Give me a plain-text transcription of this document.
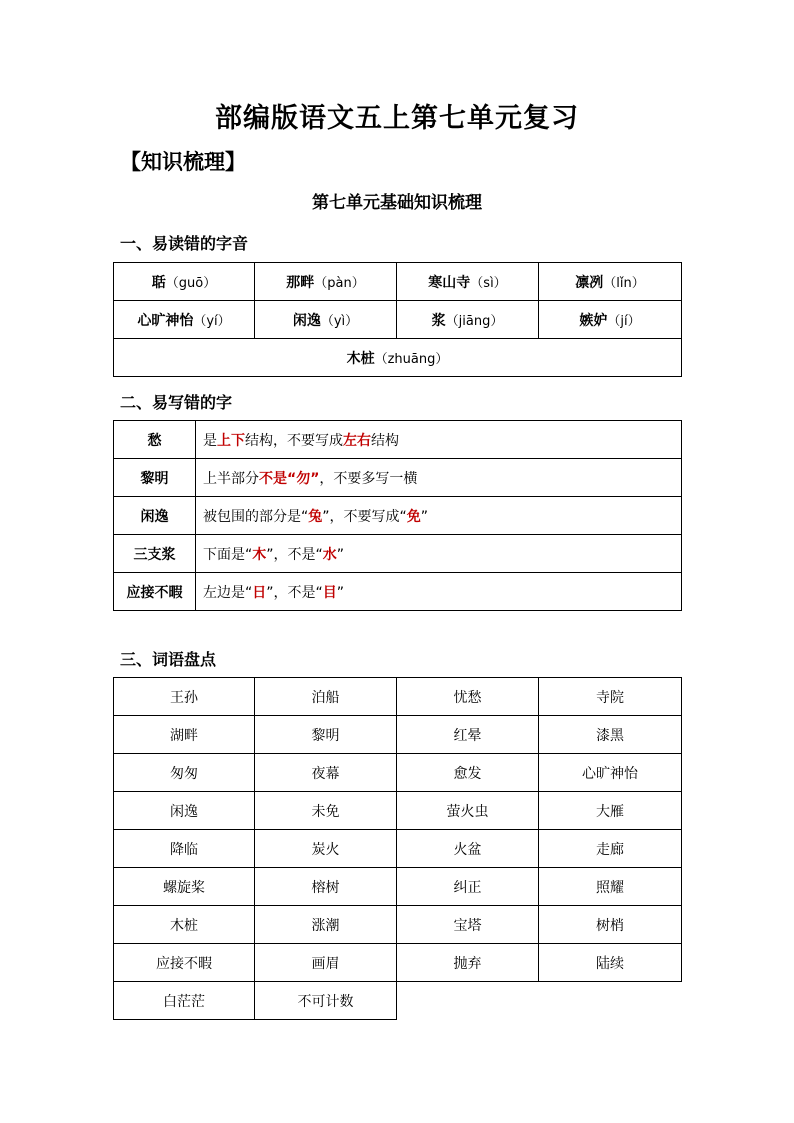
部编版语文五上第七单元复习
【知识梳理】
第七单元基础知识梳理
一、易读错的字音
聒（guō）	那畔（pàn）	寒山寺（sì）	凛冽（lǐn）
心旷神怡（yí）	闲逸（yì）	浆（jiāng）	嫉妒（jí）
木桩（zhuāng）			
二、易写错的字
愁	是上下结构，不要写成左右结构
黎明	上半部分不是“勿”，不要多写一横
闲逸	被包围的部分是“兔”，不要写成“免”
三支浆	下面是“木”，不是“水”
应接不暇	左边是“日”，不是“目”
三、词语盘点
王孙	泊船	忧愁	寺院
湖畔	黎明	红晕	漆黑
匆匆	夜幕	愈发	心旷神怡
闲逸	未免	萤火虫	大雁
降临	炭火	火盆	走廊
螺旋桨	榕树	纠正	照耀
木桩	涨潮	宝塔	树梢
应接不暇	画眉	抛弃	陆续
白茫茫	不可计数		
